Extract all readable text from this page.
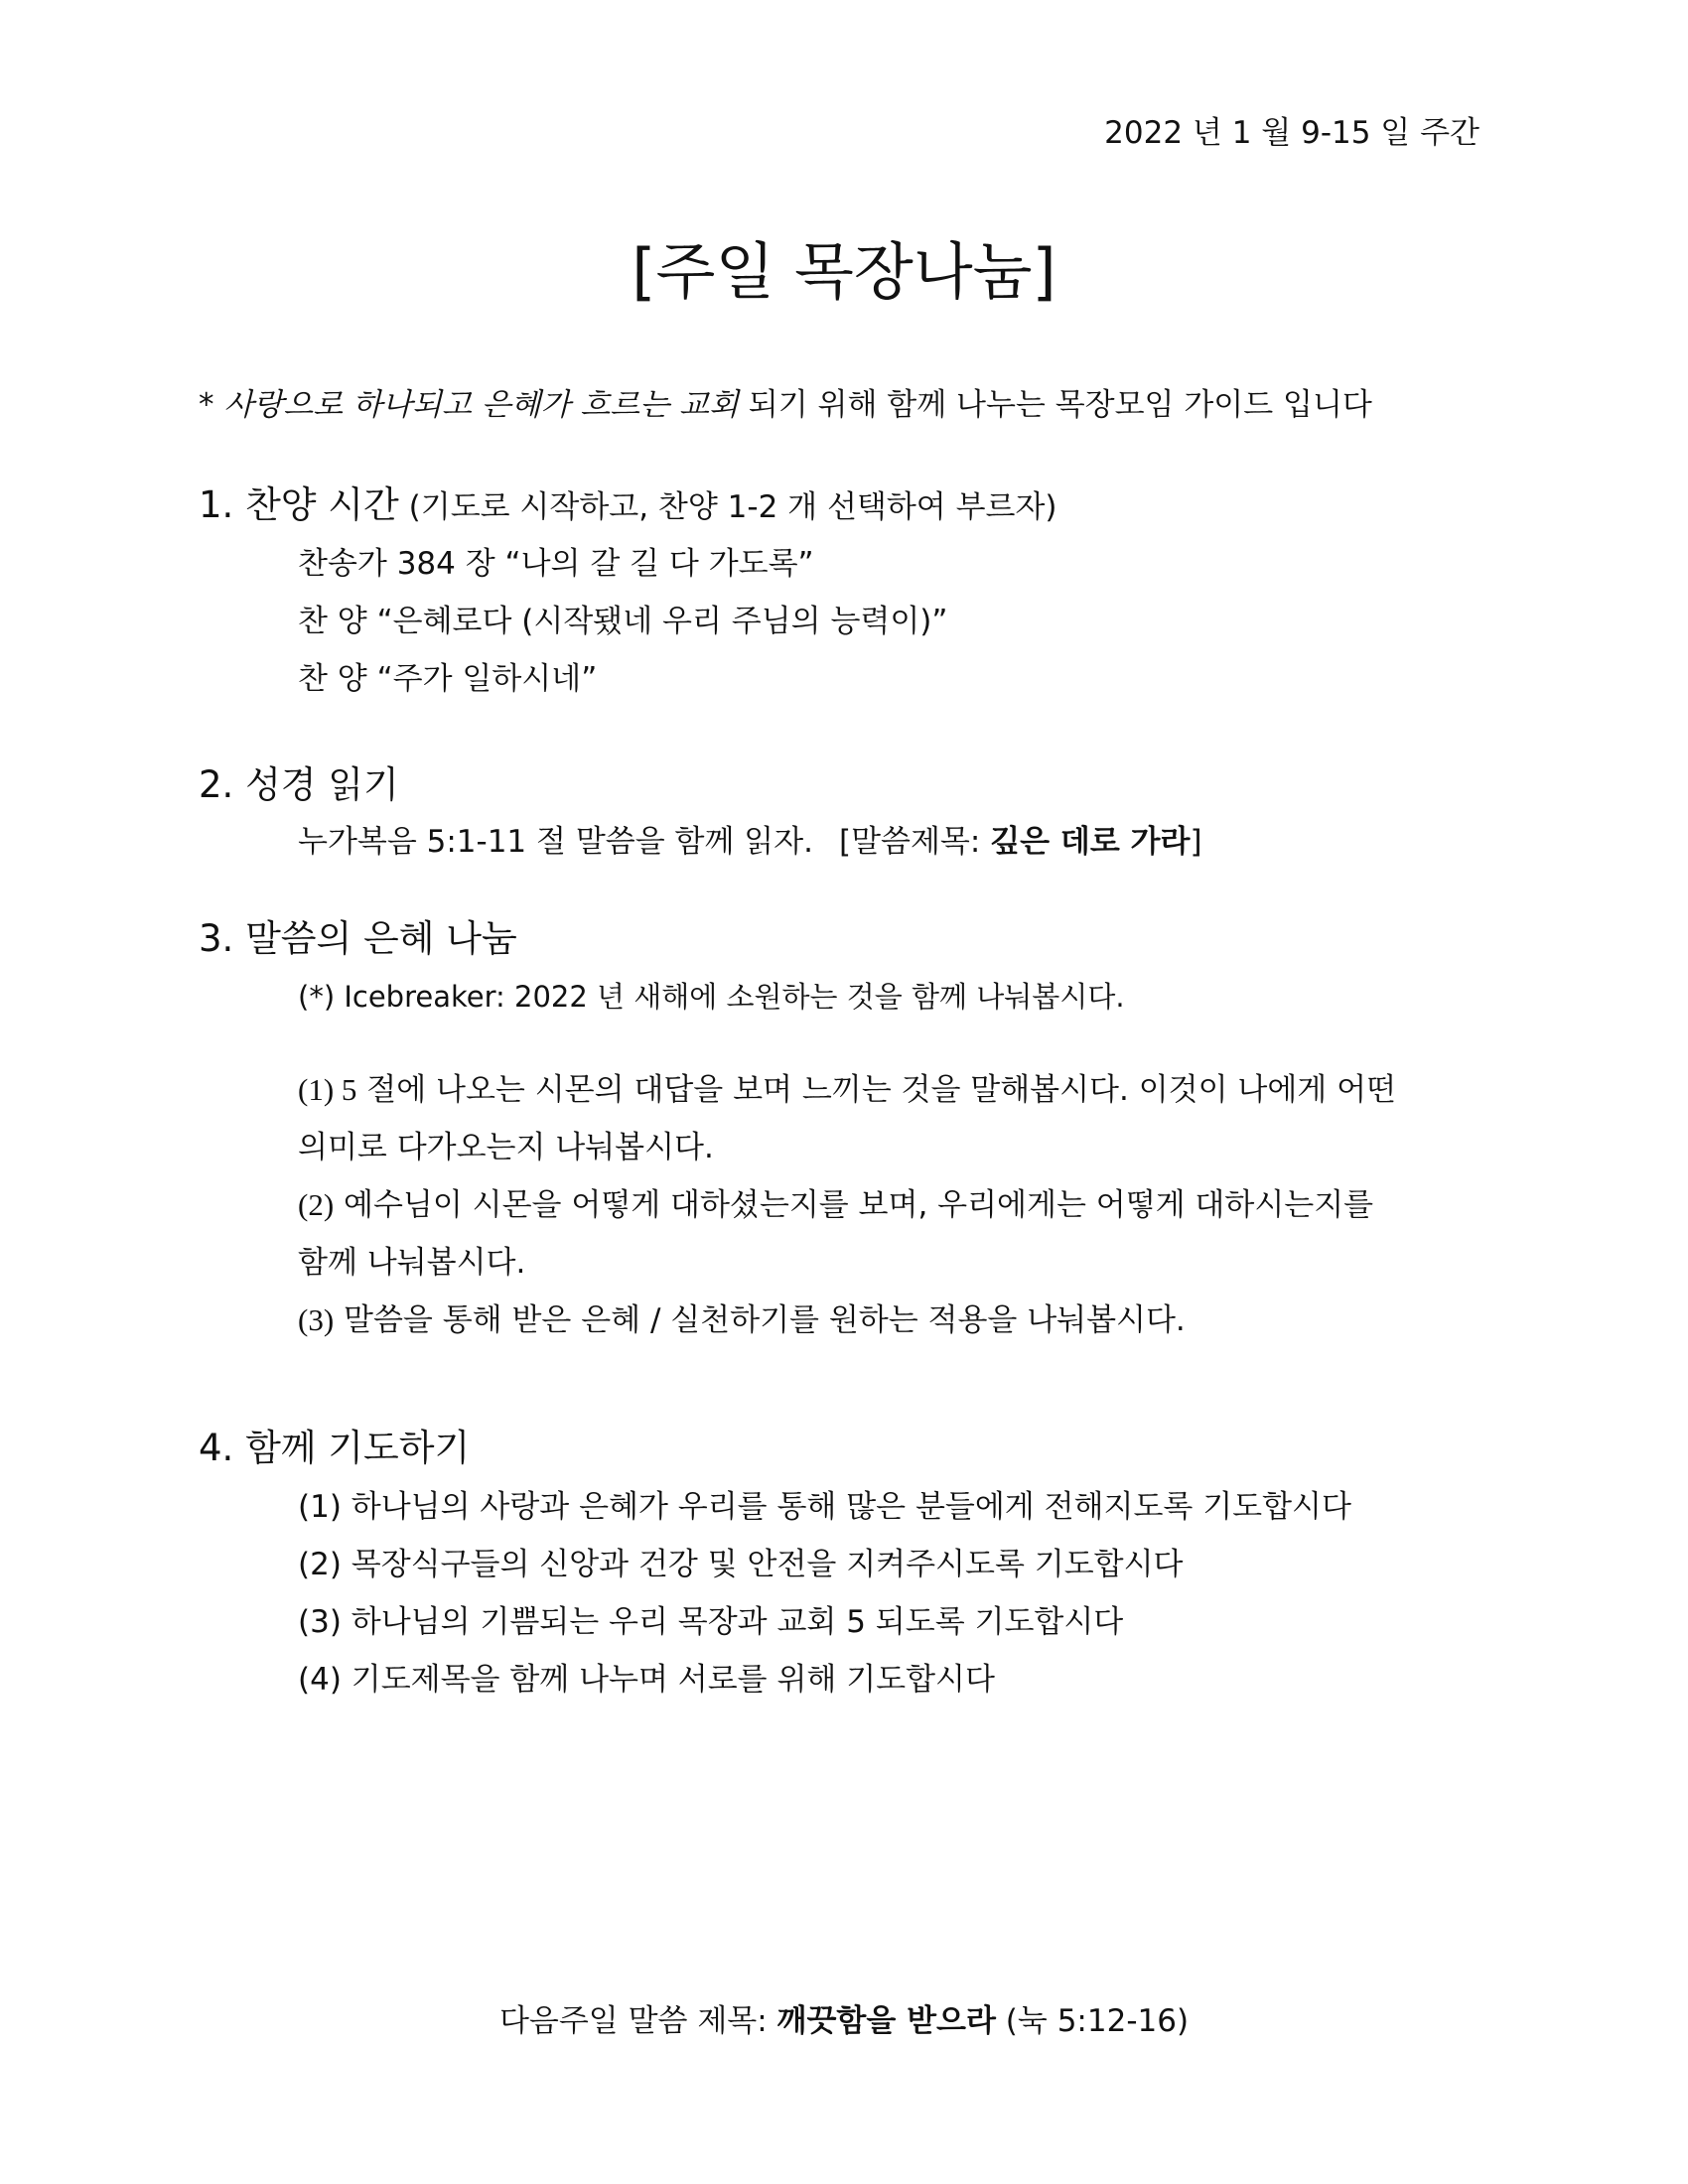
2022 년 1 월 9-15 일 주간
[주일 목장나눔]
* 사랑으로 하나되고 은혜가 흐르는 교회 되기 위해 함께 나누는 목장모임 가이드 입니다
1. 찬양 시간 (기도로 시작하고, 찬양 1-2 개 선택하여 부르자)
찬송가 384 장 “나의 갈 길 다 가도록”
찬 양 “은혜로다 (시작됐네 우리 주님의 능력이)”
찬 양 “주가 일하시네”
2. 성경 읽기
누가복음 5:1-11 절 말씀을 함께 읽자. [말씀제목: 깊은 데로 가라]
3. 말씀의 은혜 나눔
(*) Icebreaker: 2022 년 새해에 소원하는 것을 함께 나눠봅시다.
(1) 5 절에 나오는 시몬의 대답을 보며 느끼는 것을 말해봅시다. 이것이 나에게 어떤
의미로 다가오는지 나눠봅시다.
(2) 예수님이 시몬을 어떻게 대하셨는지를 보며, 우리에게는 어떻게 대하시는지를
함께 나눠봅시다.
(3) 말씀을 통해 받은 은혜 / 실천하기를 원하는 적용을 나눠봅시다.
4. 함께 기도하기
(1) 하나님의 사랑과 은혜가 우리를 통해 많은 분들에게 전해지도록 기도합시다
(2) 목장식구들의 신앙과 건강 및 안전을 지켜주시도록 기도합시다
(3) 하나님의 기쁨되는 우리 목장과 교회 5 되도록 기도합시다
(4) 기도제목을 함께 나누며 서로를 위해 기도합시다
다음주일 말씀 제목: 깨끗함을 받으라 (눅 5:12-16)
